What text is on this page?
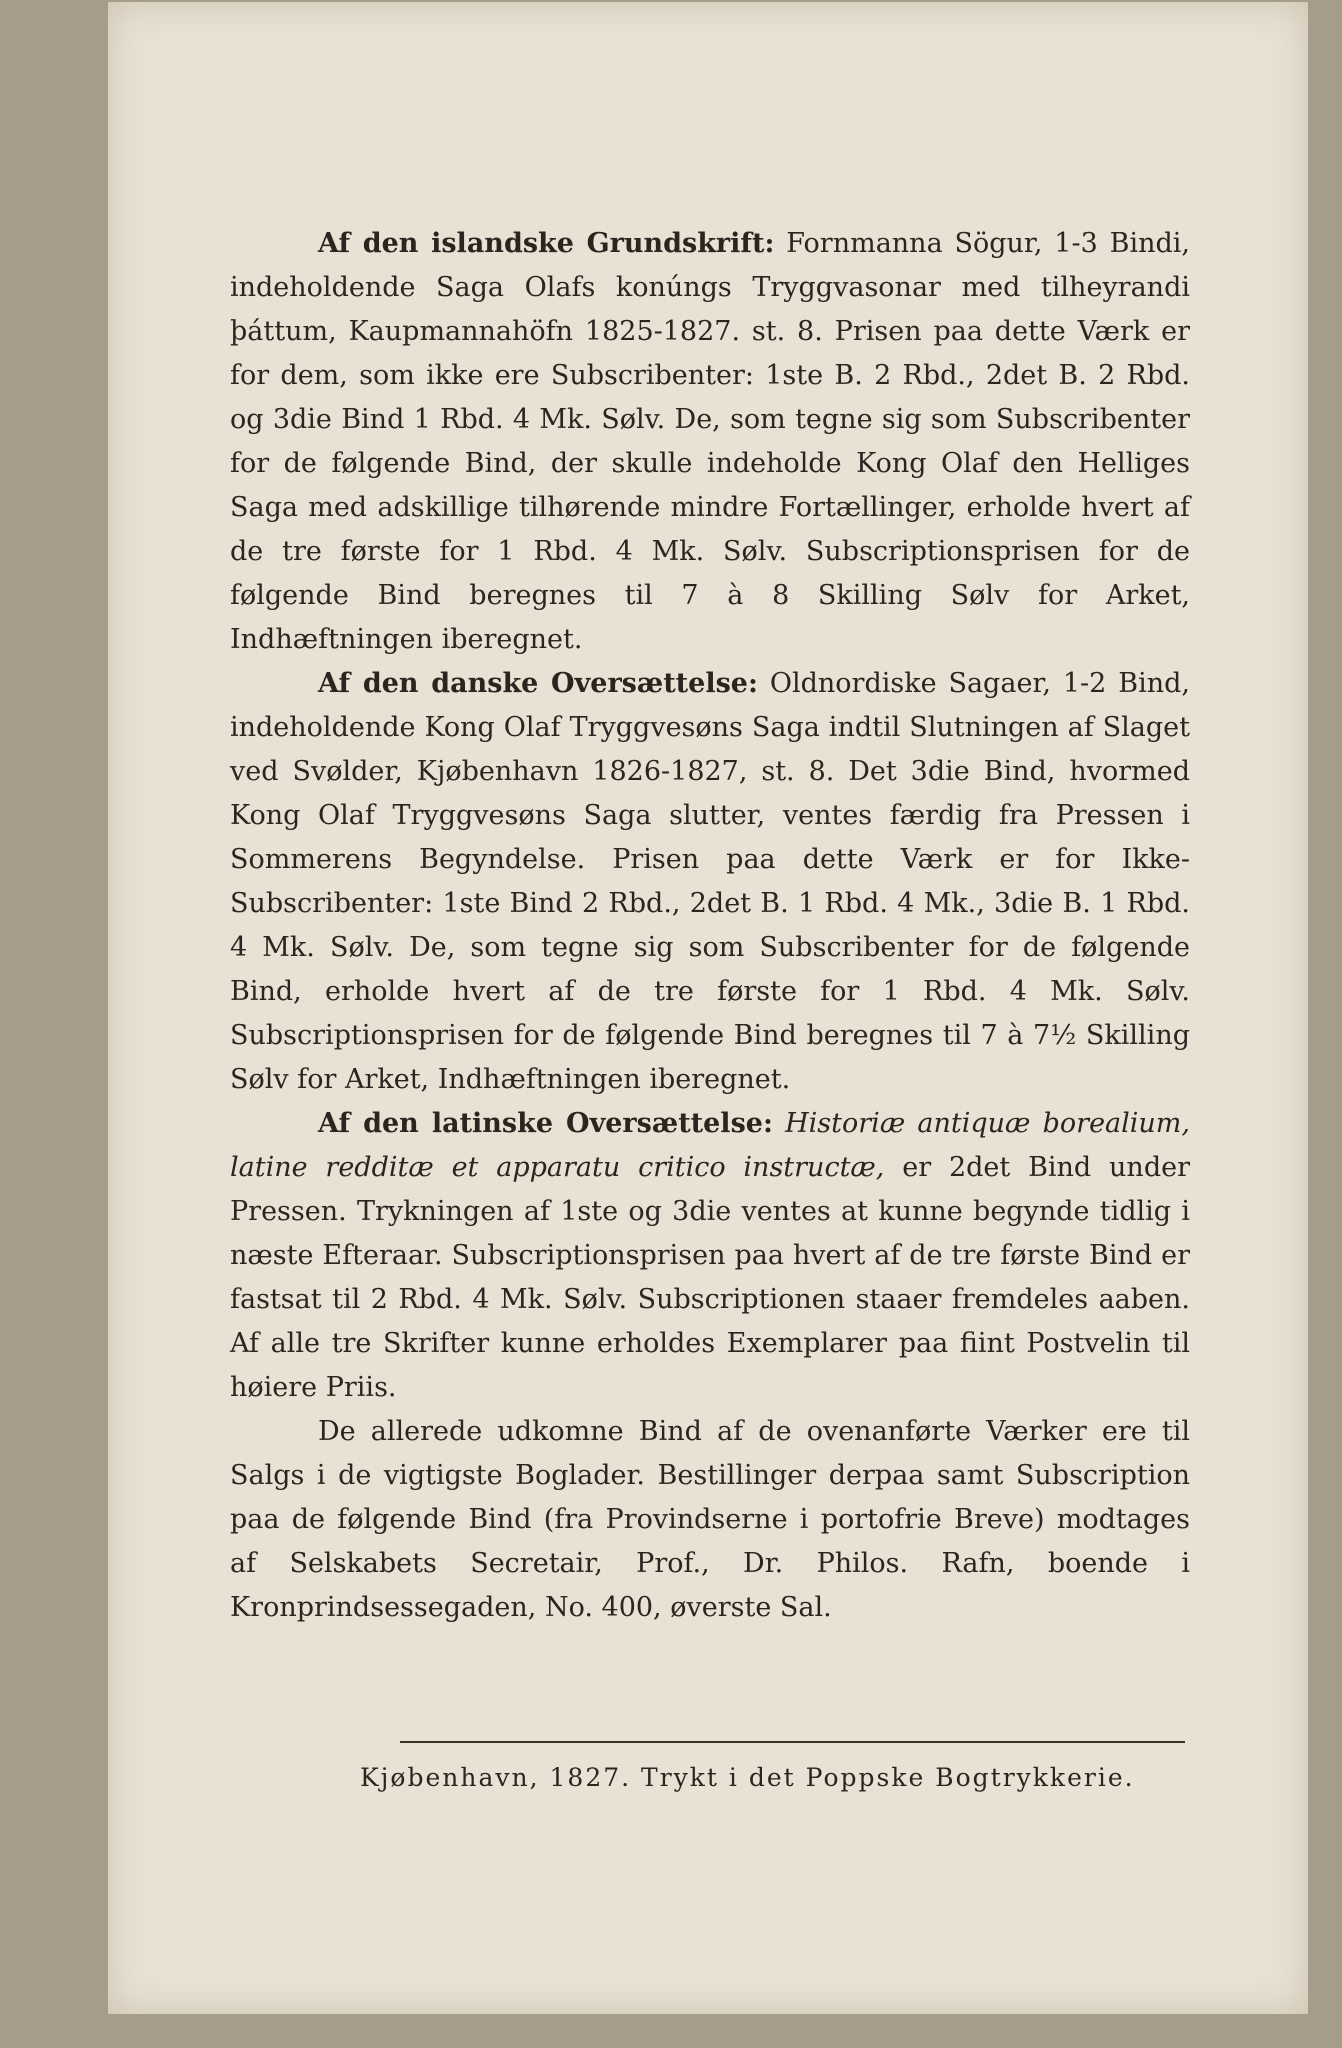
Af den islandske Grundskrift: Fornmanna Sögur, 1-3 Bindi, indeholdende Saga Olafs konúngs Tryggvasonar med tilheyrandi þáttum, Kaupmannahöfn 1825-1827. st. 8. Prisen paa dette Værk er for dem, som ikke ere Subscribenter: 1ste B. 2 Rbd., 2det B. 2 Rbd. og 3die Bind 1 Rbd. 4 Mk. Sølv. De, som tegne sig som Subscribenter for de følgende Bind, der skulle indeholde Kong Olaf den Helliges Saga med adskillige tilhørende mindre Fortællinger, erholde hvert af de tre første for 1 Rbd. 4 Mk. Sølv. Subscriptionsprisen for de følgende Bind beregnes til 7 à 8 Skilling Sølv for Arket, Indhæftningen iberegnet.

Af den danske Oversættelse: Oldnordiske Sagaer, 1-2 Bind, indeholdende Kong Olaf Tryggvesøns Saga indtil Slutningen af Slaget ved Svølder, Kjøbenhavn 1826-1827, st. 8. Det 3die Bind, hvormed Kong Olaf Tryggvesøns Saga slutter, ventes færdig fra Pressen i Sommerens Begyndelse. Prisen paa dette Værk er for Ikke-Subscribenter: 1ste Bind 2 Rbd., 2det B. 1 Rbd. 4 Mk., 3die B. 1 Rbd. 4 Mk. Sølv. De, som tegne sig som Subscribenter for de følgende Bind, erholde hvert af de tre første for 1 Rbd. 4 Mk. Sølv. Subscriptionsprisen for de følgende Bind beregnes til 7 à 7½ Skilling Sølv for Arket, Indhæftningen iberegnet.

Af den latinske Oversættelse: Historiæ antiquæ borealium, latine redditæ et apparatu critico instructæ, er 2det Bind under Pressen. Trykningen af 1ste og 3die ventes at kunne begynde tidlig i næste Efteraar. Subscriptionsprisen paa hvert af de tre første Bind er fastsat til 2 Rbd. 4 Mk. Sølv. Subscriptionen staaer fremdeles aaben. Af alle tre Skrifter kunne erholdes Exemplarer paa fiint Postvelin til høiere Priis.

De allerede udkomne Bind af de ovenanførte Værker ere til Salgs i de vigtigste Boglader. Bestillinger derpaa samt Subscription paa de følgende Bind (fra Provindserne i portofrie Breve) modtages af Selskabets Secretair, Prof., Dr. Philos. Rafn, boende i Kronprindsessegaden, No. 400, øverste Sal.

Kjøbenhavn, 1827. Trykt i det Poppske Bogtrykkerie.
